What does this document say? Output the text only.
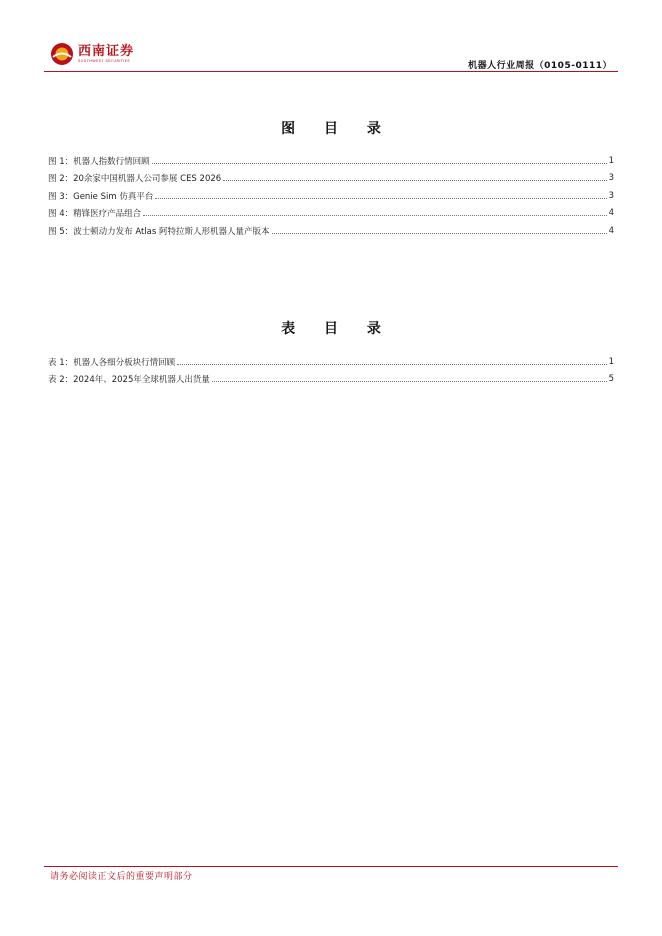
西南证券
SOUTHWEST SECURITIES
机器人行业周报（0105-0111）
图 目 录
图 1：机器人指数行情回顾	1
图 2：20余家中国机器人公司参展 CES 2026	3
图 3：Genie Sim 仿真平台	3
图 4：精锋医疗产品组合	4
图 5：波士顿动力发布 Atlas 阿特拉斯人形机器人量产版本	4
表 目 录
表 1：机器人各细分板块行情回顾	1
表 2：2024年、2025年全球机器人出货量	5
请务必阅读正文后的重要声明部分
